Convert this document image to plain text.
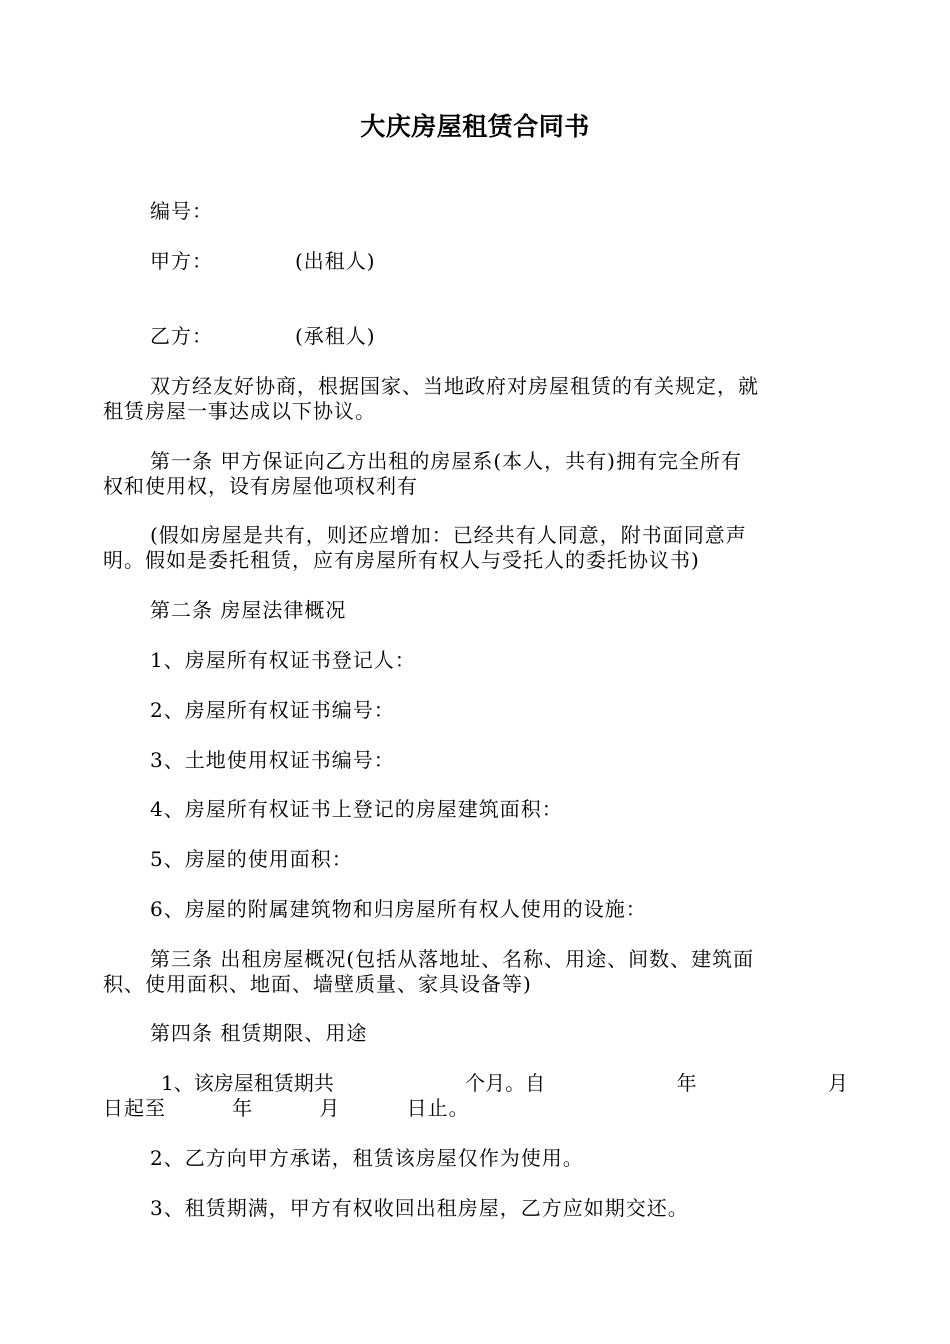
大庆房屋租赁合同书
编号：
甲方：	(出租人)
乙方：	(承租人)
双方经友好协商，根据国家、当地政府对房屋租赁的有关规定，就
租赁房屋一事达成以下协议。
第一条 甲方保证向乙方出租的房屋系(本人，共有)拥有完全所有
权和使用权，设有房屋他项权利有
(假如房屋是共有，则还应增加：已经共有人同意，附书面同意声
明。假如是委托租赁，应有房屋所有权人与受托人的委托协议书)
第二条 房屋法律概况
1、房屋所有权证书登记人：
2、房屋所有权证书编号：
3、土地使用权证书编号：
4、房屋所有权证书上登记的房屋建筑面积：
5、房屋的使用面积：
6、房屋的附属建筑物和归房屋所有权人使用的设施：
第三条 出租房屋概况(包括从落地址、名称、用途、间数、建筑面
积、使用面积、地面、墙壁质量、家具设备等)
第四条 租赁期限、用途
1、该房屋租赁期共	个月。自	年	月
日起至         年         月         日止。
2、乙方向甲方承诺，租赁该房屋仅作为使用。
3、租赁期满，甲方有权收回出租房屋，乙方应如期交还。
